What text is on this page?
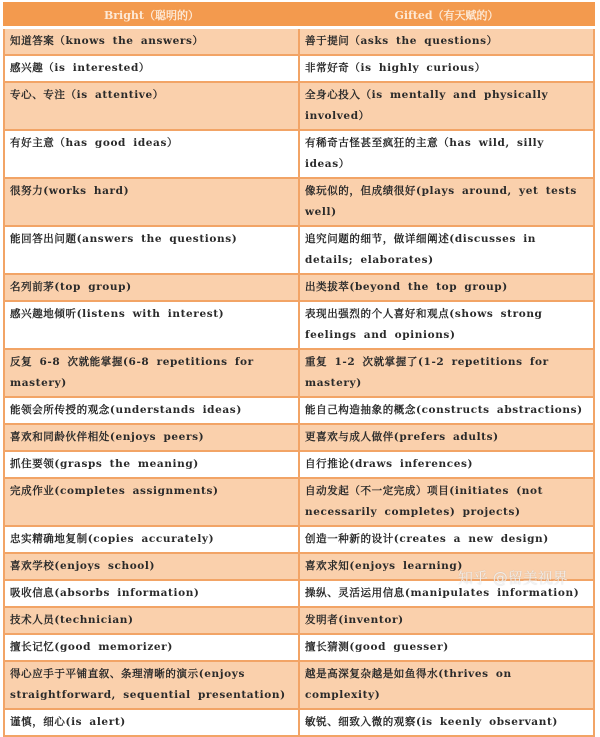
Bright（聪明的）	Gifted（有天赋的）
知道答案（knows the answers）	善于提问（asks the questions）
感兴趣（is interested）	非常好奇（is highly curious）
专心、专注（is attentive）	全身心投入（is mentally and physically involved）
有好主意（has good ideas）	有稀奇古怪甚至疯狂的主意（has wild, silly ideas）
很努力(works hard)	像玩似的，但成绩很好(plays around, yet tests well)
能回答出问题(answers the questions)	追究问题的细节，做详细阐述(discusses in details; elaborates)
名列前茅(top group)	出类拔萃(beyond the top group)
感兴趣地倾听(listens with interest)	表现出强烈的个人喜好和观点(shows strong feelings and opinions)
反复 6-8 次就能掌握(6-8 repetitions for mastery)	重复 1-2 次就掌握了(1-2 repetitions for mastery)
能领会所传授的观念(understands ideas)	能自己构造抽象的概念(constructs abstractions)
喜欢和同龄伙伴相处(enjoys peers)	更喜欢与成人做伴(prefers adults)
抓住要领(grasps the meaning)	自行推论(draws inferences)
完成作业(completes assignments)	自动发起（不一定完成）项目(initiates (not necessarily completes) projects)
忠实精确地复制(copies accurately)	创造一种新的设计(creates a new design)
喜欢学校(enjoys school)	喜欢求知(enjoys learning)
吸收信息(absorbs information)	操纵、灵活运用信息(manipulates information)
技术人员(technician)	发明者(inventor)
擅长记忆(good memorizer)	擅长猜测(good guesser)
得心应手于平铺直叙、条理清晰的演示(enjoys straightforward, sequential presentation)	越是高深复杂越是如鱼得水(thrives on complexity)
谨慎，细心(is alert)	敏锐、细致入微的观察(is keenly observant)
知乎 @留美视界
